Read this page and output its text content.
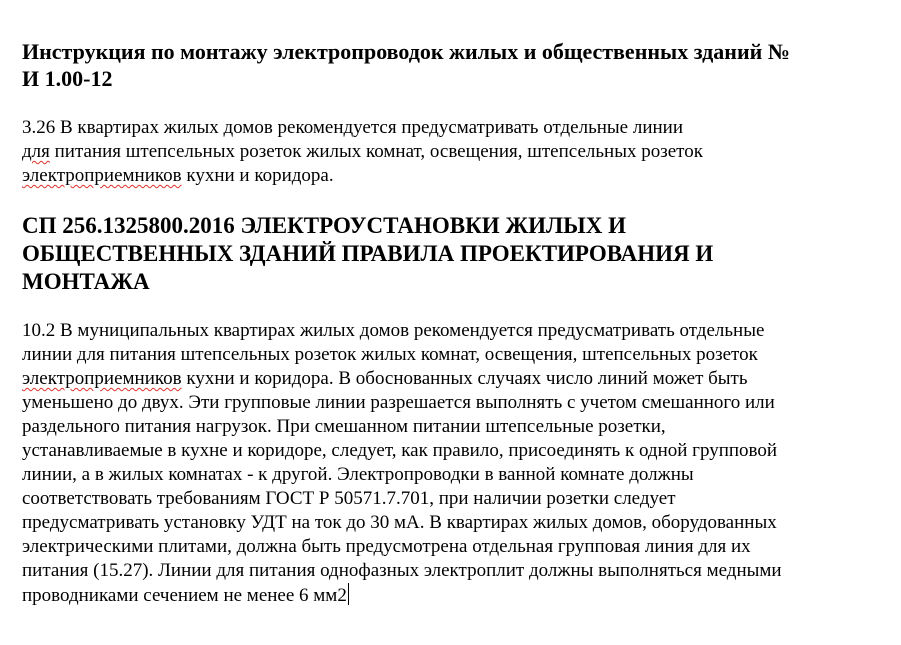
Инструкция по монтажу электропроводок жилых и общественных зданий №
И 1.00-12

3.26 В квартирах жилых домов рекомендуется предусматривать отдельные линии
для питания штепсельных розеток жилых комнат, освещения, штепсельных розеток
электроприемников кухни и коридора.

СП 256.1325800.2016 ЭЛЕКТРОУСТАНОВКИ ЖИЛЫХ И
ОБЩЕСТВЕННЫХ ЗДАНИЙ ПРАВИЛА ПРОЕКТИРОВАНИЯ И
МОНТАЖА

10.2 В муниципальных квартирах жилых домов рекомендуется предусматривать отдельные
линии для питания штепсельных розеток жилых комнат, освещения, штепсельных розеток
электроприемников кухни и коридора. В обоснованных случаях число линий может быть
уменьшено до двух. Эти групповые линии разрешается выполнять с учетом смешанного или
раздельного питания нагрузок. При смешанном питании штепсельные розетки,
устанавливаемые в кухне и коридоре, следует, как правило, присоединять к одной групповой
линии, а в жилых комнатах - к другой. Электропроводки в ванной комнате должны
соответствовать требованиям ГОСТ Р 50571.7.701, при наличии розетки следует
предусматривать установку УДТ на ток до 30 мА. В квартирах жилых домов, оборудованных
электрическими плитами, должна быть предусмотрена отдельная групповая линия для их
питания (15.27). Линии для питания однофазных электроплит должны выполняться медными
проводниками сечением не менее 6 мм2
